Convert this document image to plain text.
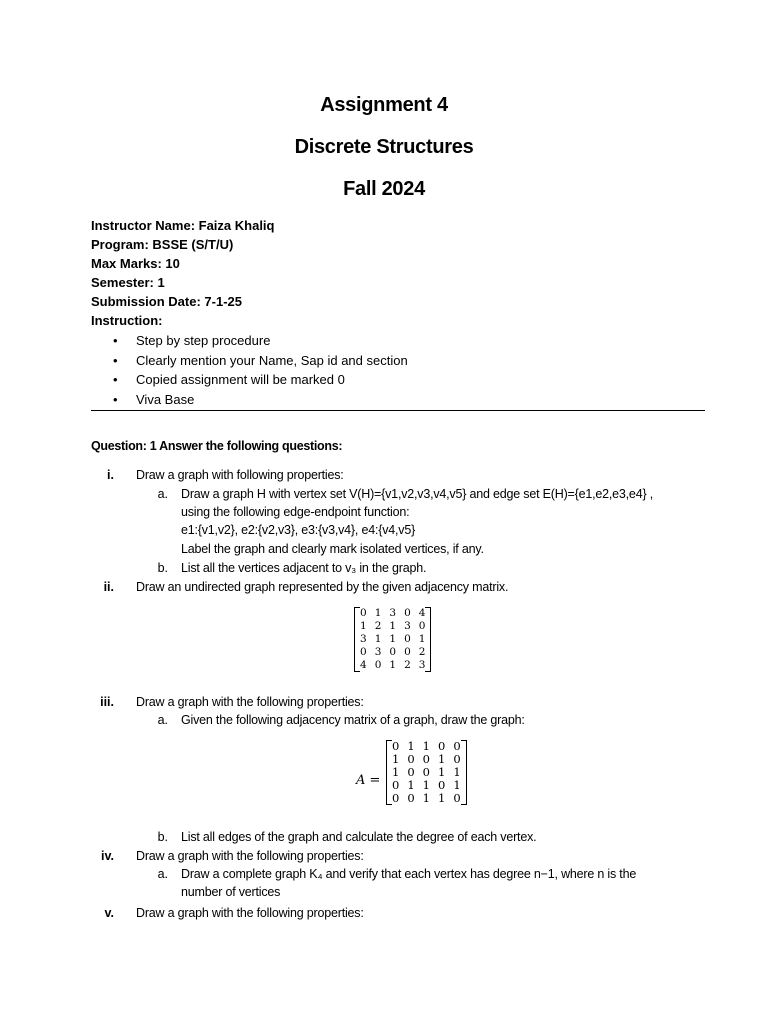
Assignment 4
Discrete Structures
Fall 2024
Instructor Name: Faiza Khaliq
Program: BSSE (S/T/U)
Max Marks: 10
Semester: 1
Submission Date: 7-1-25
Instruction:
• Step by step procedure
• Clearly mention your Name, Sap id and section
• Copied assignment will be marked 0
• Viva Base
Question: 1 Answer the following questions:
i. Draw a graph with following properties:
a. Draw a graph H with vertex set V(H)={v1,v2,v3,v4,v5} and edge set E(H)={e1,e2,e3,e4} ,
using the following edge-endpoint function:
e1:{v1,v2}, e2:{v2,v3}, e3:{v3,v4}, e4:{v4,v5}
Label the graph and clearly mark isolated vertices, if any.
b. List all the vertices adjacent to v₃ in the graph.
ii. Draw an undirected graph represented by the given adjacency matrix.
0	1	3	0	4
1	2	1	3	0
3	1	1	0	1
0	3	0	0	2
4	0	1	2	3
iii. Draw a graph with the following properties:
a. Given the following adjacency matrix of a graph, draw the graph:
A =
0	1	1	0	0
1	0	0	1	0
1	0	0	1	1
0	1	1	0	1
0	0	1	1	0
b. List all edges of the graph and calculate the degree of each vertex.
iv. Draw a graph with the following properties:
a. Draw a complete graph K₄ and verify that each vertex has degree n−1, where n is the
number of vertices
v. Draw a graph with the following properties:
